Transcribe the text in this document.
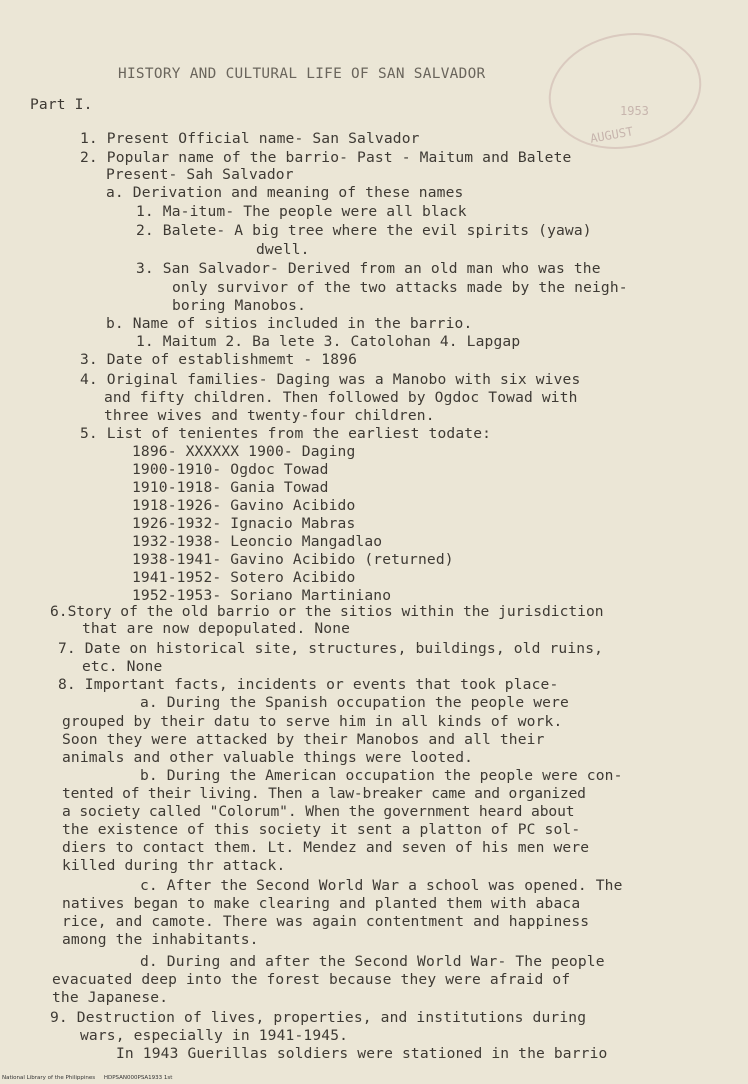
1953
AUGUST
HISTORY AND CULTURAL LIFE OF SAN SALVADOR
Part I.
1. Present Official name- San Salvador
2. Popular name of the barrio- Past - Maitum and Balete
Present- Sah Salvador
a. Derivation and meaning of these names
1. Ma-itum- The people were all black
2. Balete- A big tree where the evil spirits (yawa)
dwell.
3. San Salvador- Derived from an old man who was the
only survivor of the two attacks made by the neigh-
boring Manobos.
b. Name of sitios included in the barrio.
1. Maitum 2. Ba lete 3. Catolohan 4. Lapgap
3. Date of establishmemt - 1896
4. Original families- Daging was a Manobo with six wives
and fifty children. Then followed by Ogdoc Towad with
three wives and twenty-four children.
5. List of tenientes from the earliest todate:
1896- XXXXXX 1900- Daging
1900-1910- Ogdoc Towad
1910-1918- Gania Towad
1918-1926- Gavino Acibido
1926-1932- Ignacio Mabras
1932-1938- Leoncio Mangadlao
1938-1941- Gavino Acibido (returned)
1941-1952- Sotero Acibido
1952-1953- Soriano Martiniano
6.Story of the old barrio or the sitios within the jurisdiction
that are now depopulated. None
7. Date on historical site, structures, buildings, old ruins,
etc. None
8. Important facts, incidents or events that took place-
a. During the Spanish occupation the people were
grouped by their datu to serve him in all kinds of work.
Soon they were attacked by their Manobos and all their
animals and other valuable things were looted.
b. During the American occupation the people were con-
tented of their living. Then a law-breaker came and organized
a society called "Colorum". When the government heard about
the existence of this society it sent a platton of PC sol-
diers to contact them. Lt. Mendez and seven of his men were
killed during thr attack.
c. After the Second World War a school was opened. The
natives began to make clearing and planted them with abaca
rice, and camote. There was again contentment and happiness
among the inhabitants.
d. During and after the Second World War- The people
evacuated deep into the forest because they were afraid of
the Japanese.
9. Destruction of lives, properties, and institutions during
wars, especially in 1941-1945.
In 1943 Guerillas soldiers were stationed in the barrio
National Library of the Philippines     HDPSAN000PSA1933 1st
